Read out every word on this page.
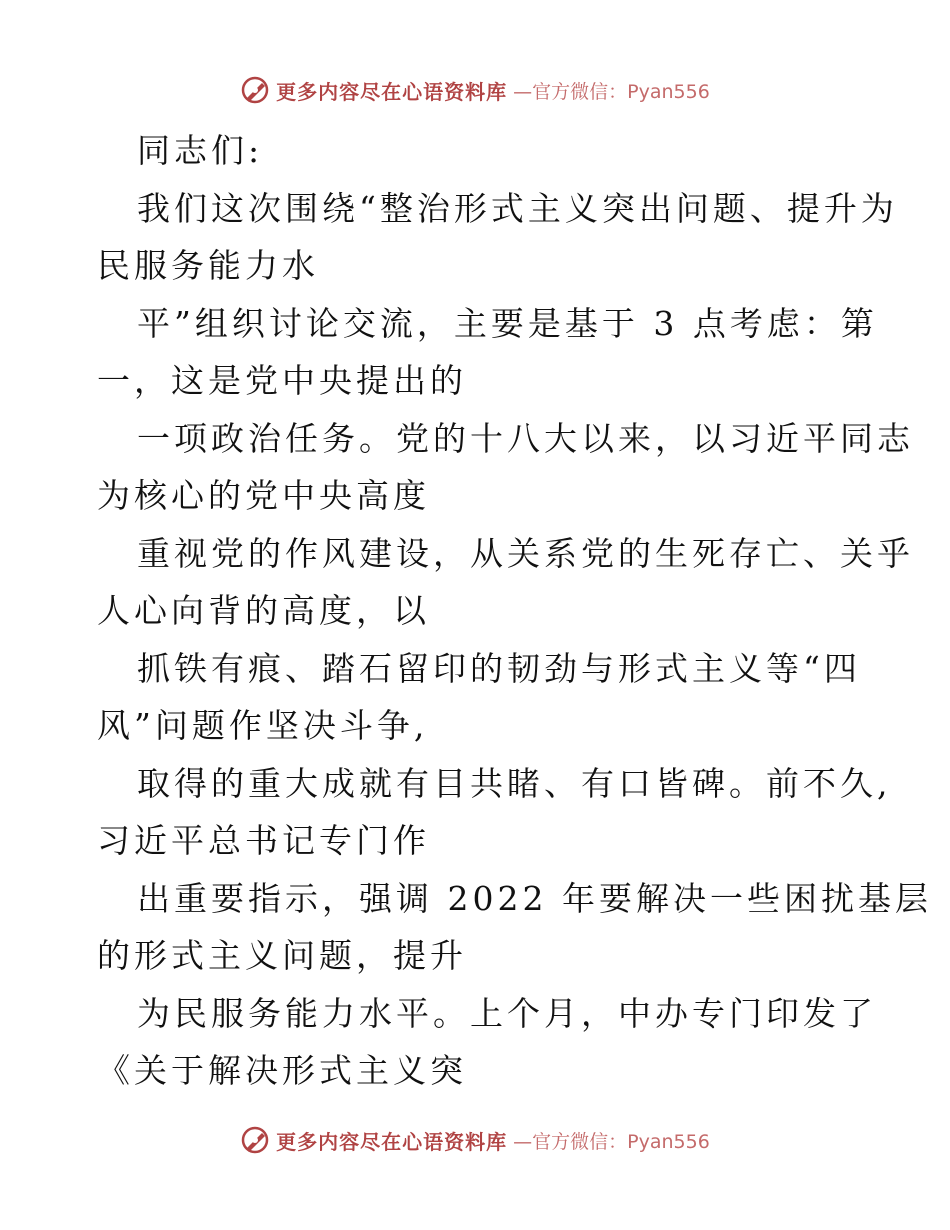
更多内容尽在心语资料库 —官方微信：Pyan556
同志们:
我们这次围绕“整治形式主义突出问题、提升为
民服务能力水
平”组织讨论交流，主要是基于 3 点考虑：第
一，这是党中央提出的
一项政治任务。党的十八大以来，以习近平同志
为核心的党中央高度
重视党的作风建设，从关系党的生死存亡、关乎
人心向背的高度，以
抓铁有痕、踏石留印的韧劲与形式主义等“四
风”问题作坚决斗争,
取得的重大成就有目共睹、有口皆碑。前不久,
习近平总书记专门作
出重要指示，强调 2022 年要解决一些困扰基层
的形式主义问题，提升
为民服务能力水平。上个月，中办专门印发了
《关于解决形式主义突
更多内容尽在心语资料库 —官方微信：Pyan556
